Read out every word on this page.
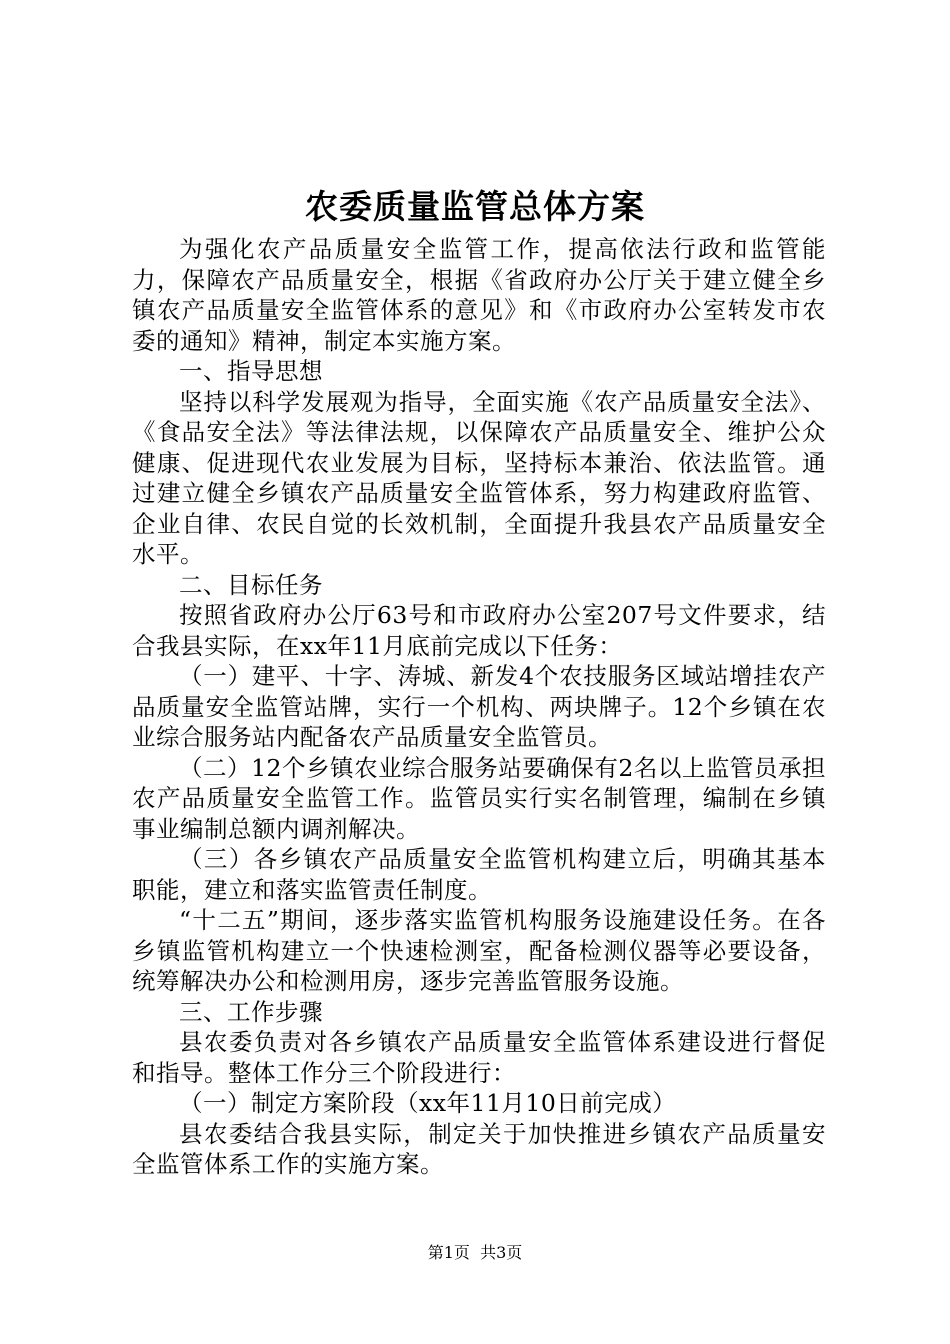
农委质量监管总体方案

为强化农产品质量安全监管工作，提高依法行政和监管能力，保障农产品质量安全，根据《省政府办公厅关于建立健全乡镇农产品质量安全监管体系的意见》和《市政府办公室转发市农委的通知》精神，制定本实施方案。

一、指导思想

坚持以科学发展观为指导，全面实施《农产品质量安全法》、《食品安全法》等法律法规，以保障农产品质量安全、维护公众健康、促进现代农业发展为目标，坚持标本兼治、依法监管。通过建立健全乡镇农产品质量安全监管体系，努力构建政府监管、企业自律、农民自觉的长效机制，全面提升我县农产品质量安全水平。

二、目标任务

按照省政府办公厅63号和市政府办公室207号文件要求，结合我县实际，在xx年11月底前完成以下任务：

（一）建平、十字、涛城、新发4个农技服务区域站增挂农产品质量安全监管站牌，实行一个机构、两块牌子。12个乡镇在农业综合服务站内配备农产品质量安全监管员。

（二）12个乡镇农业综合服务站要确保有2名以上监管员承担农产品质量安全监管工作。监管员实行实名制管理，编制在乡镇事业编制总额内调剂解决。

（三）各乡镇农产品质量安全监管机构建立后，明确其基本职能，建立和落实监管责任制度。

“十二五”期间，逐步落实监管机构服务设施建设任务。在各乡镇监管机构建立一个快速检测室，配备检测仪器等必要设备，统筹解决办公和检测用房，逐步完善监管服务设施。

三、工作步骤

县农委负责对各乡镇农产品质量安全监管体系建设进行督促和指导。整体工作分三个阶段进行：

（一）制定方案阶段（xx年11月10日前完成）

县农委结合我县实际，制定关于加快推进乡镇农产品质量安全监管体系工作的实施方案。

第1页  共3页
